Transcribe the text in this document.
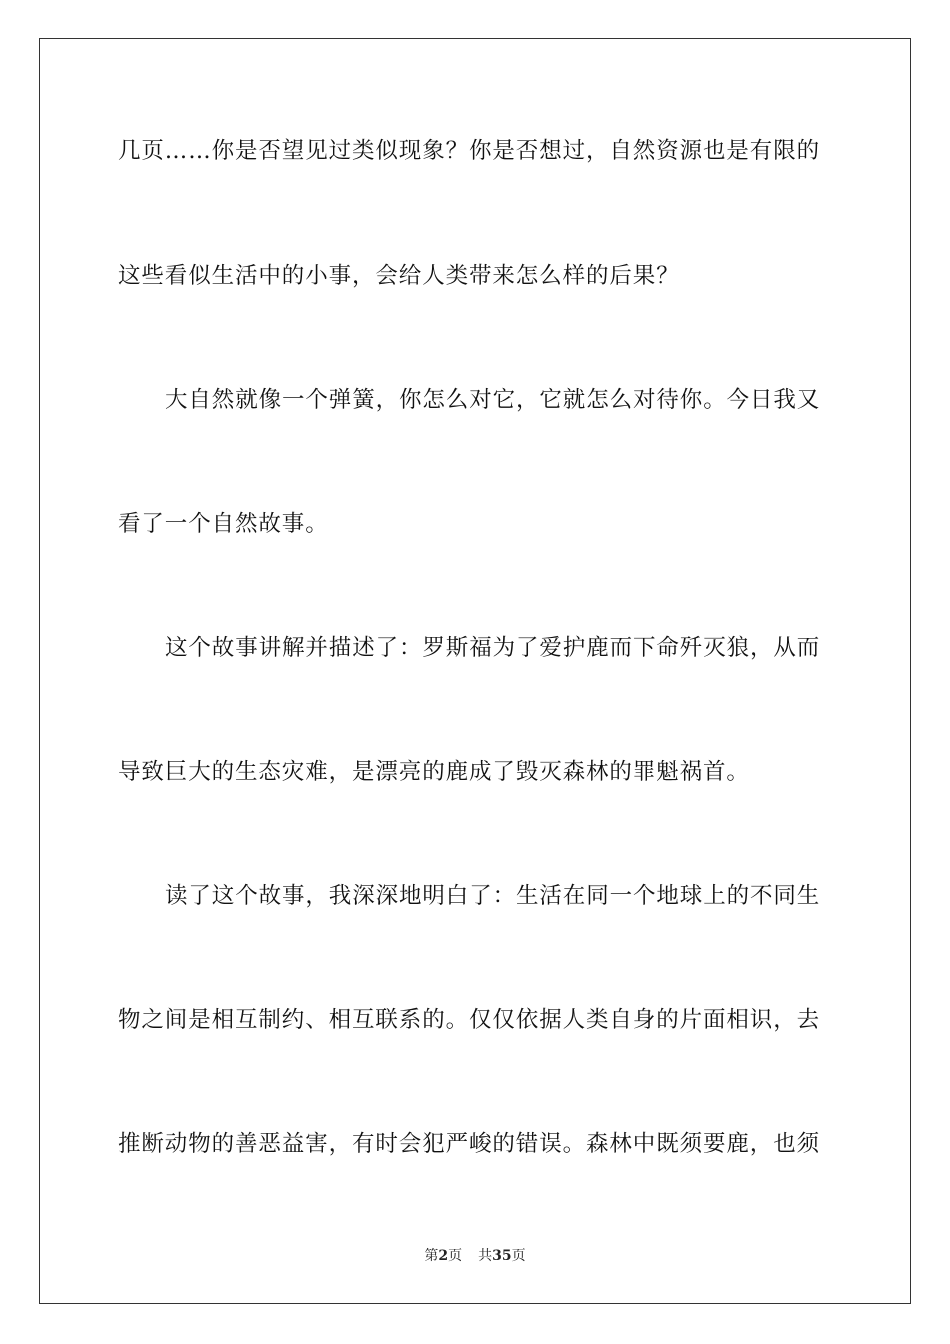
几页……你是否望见过类似现象？你是否想过，自然资源也是有限的
这些看似生活中的小事，会给人类带来怎么样的后果？
大自然就像一个弹簧，你怎么对它，它就怎么对待你。今日我又
看了一个自然故事。
这个故事讲解并描述了：罗斯福为了爱护鹿而下命歼灭狼，从而
导致巨大的生态灾难，是漂亮的鹿成了毁灭森林的罪魁祸首。
读了这个故事，我深深地明白了：生活在同一个地球上的不同生
物之间是相互制约、相互联系的。仅仅依据人类自身的片面相识，去
推断动物的善恶益害，有时会犯严峻的错误。森林中既须要鹿，也须
第2页 共35页
